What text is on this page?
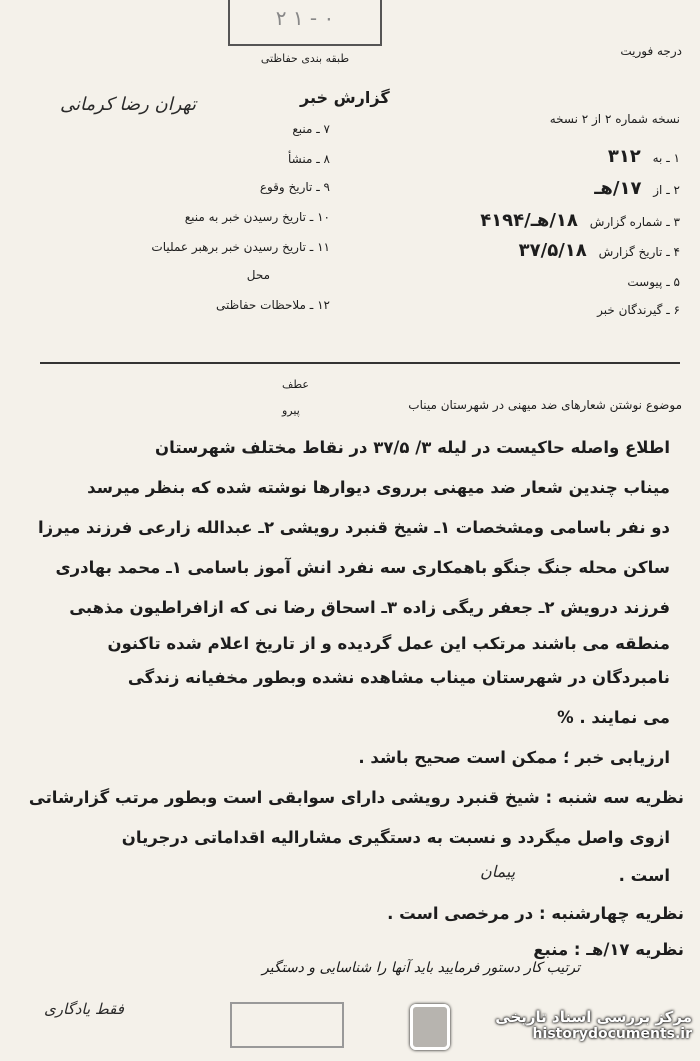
٠ - ١ ٢
طبقه بندی حفاظتی
درجه فوریت
گزارش خبر
نسخه شماره ۲ از ۲ نسخه
تهران رضا کرمانی
۱ ـ به ۳۱۲
۲ ـ از ۱۷/هـ
۳ ـ شماره گزارش ۱۸/هـ/۴۱۹۴
۴ ـ تاریخ گزارش ۳۷/۵/۱۸
۵ ـ پیوست
۶ ـ گیرندگان خبر
۷ ـ منبع
۸ ـ منشأ
۹ ـ تاریخ وقوع
۱۰ ـ تاریخ رسیدن خبر به منبع
۱۱ ـ تاریخ رسیدن خبر برهبر عملیات
محل
۱۲ ـ ملاحظات حفاظتی
عطف
پیرو	موضوع نوشتن شعارهای ضد میهنی در شهرستان میناب
اطلاع واصله حاکیست در لیله ۳/ ۳۷/۵ در نقاط مختلف شهرستان
میناب چندین شعار ضد میهنی برروی دیوارها نوشته شده که بنظر میرسد
دو نفر باسامی ومشخصات ۱ـ شیخ قنبرد رویشی ۲ـ عبدالله زارعی فرزند میرزا
ساکن محله جنگ جنگو باهمکاری سه نفرد انش آموز باسامی ۱ـ محمد بهادری
فرزند درویش ۲ـ جعفر ریگی زاده ۳ـ اسحاق رضا نی که ازافراطیون مذهبی
منطقه می باشند مرتکب این عمل گردیده و از تاریخ اعلام شده تاکنون
نامبردگان در شهرستان میناب مشاهده نشده وبطور مخفیانه زندگی
می نمایند . %
ارزیابی خبر ؛ ممکن است صحیح باشد .
نظریه سه شنبه : شیخ قنبرد رویشی دارای سوابقی است وبطور مرتب گزارشاتی
ازوی واصل میگردد و نسبت به دستگیری مشارالیه اقداماتی درجریان
است .
پیمان
نظریه چهارشنبه : در مرخصی است .
نظریه ۱۷/هـ : منبع
ترتیب کار دستور فرمایید باید آنها را شناسایی و دستگیر
فقط یادگاری	مرکز بررسی اسناد تاریخی
historydocuments.ir
